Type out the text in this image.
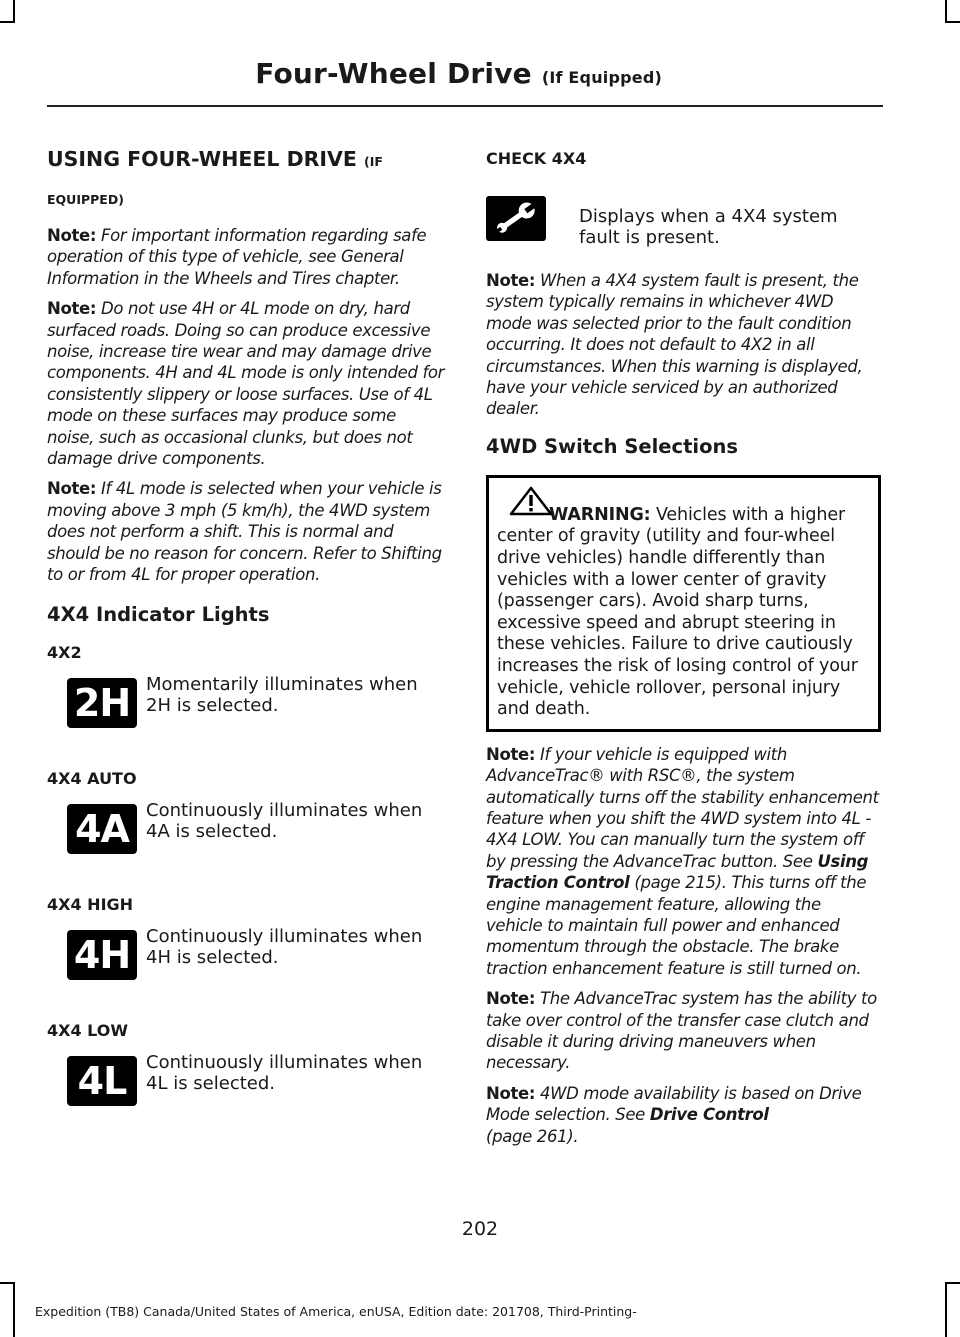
Four-Wheel Drive (If Equipped)
USING FOUR-WHEEL DRIVE (IF
EQUIPPED)

Note: For important information regarding safe operation of this type of vehicle, see General Information in the Wheels and Tires chapter.

Note: Do not use 4H or 4L mode on dry, hard surfaced roads. Doing so can produce excessive noise, increase tire wear and may damage drive components. 4H and 4L mode is only intended for consistently slippery or loose surfaces. Use of 4L mode on these surfaces may produce some noise, such as occasional clunks, but does not damage drive components.

Note: If 4L mode is selected when your vehicle is moving above 3 mph (5 km/h), the 4WD system does not perform a shift. This is normal and should be no reason for concern. Refer to Shifting to or from 4L for proper operation.

4X4 Indicator Lights
4X2
2H Momentarily illuminates when 2H is selected.
4X4 AUTO
4A Continuously illuminates when 4A is selected.
4X4 HIGH
4H Continuously illuminates when 4H is selected.
4X4 LOW
4L	Continuously illuminates when 4L is selected.
CHECK 4X4
Displays when a 4X4 system fault is present.

Note: When a 4X4 system fault is present, the system typically remains in whichever 4WD mode was selected prior to the fault condition occurring. It does not default to 4X2 in all circumstances. When this warning is displayed, have your vehicle serviced by an authorized dealer.

4WD Switch Selections
WARNING: Vehicles with a higher center of gravity (utility and four-wheel drive vehicles) handle differently than vehicles with a lower center of gravity (passenger cars). Avoid sharp turns, excessive speed and abrupt steering in these vehicles. Failure to drive cautiously increases the risk of losing control of your vehicle, vehicle rollover, personal injury and death.

Note: If your vehicle is equipped with AdvanceTrac® with RSC®, the system automatically turns off the stability enhancement feature when you shift the 4WD system into 4L - 4X4 LOW. You can manually turn the system off by pressing the AdvanceTrac button. See Using Traction Control (page 215). This turns off the engine management feature, allowing the vehicle to maintain full power and enhanced momentum through the obstacle. The brake traction enhancement feature is still turned on.

Note: The AdvanceTrac system has the ability to take over control of the transfer case clutch and disable it during driving maneuvers when necessary.

Note: 4WD mode availability is based on Drive Mode selection. See Drive Control
(page 261).

202
Expedition (TB8) Canada/United States of America, enUSA, Edition date: 201708, Third-Printing-
